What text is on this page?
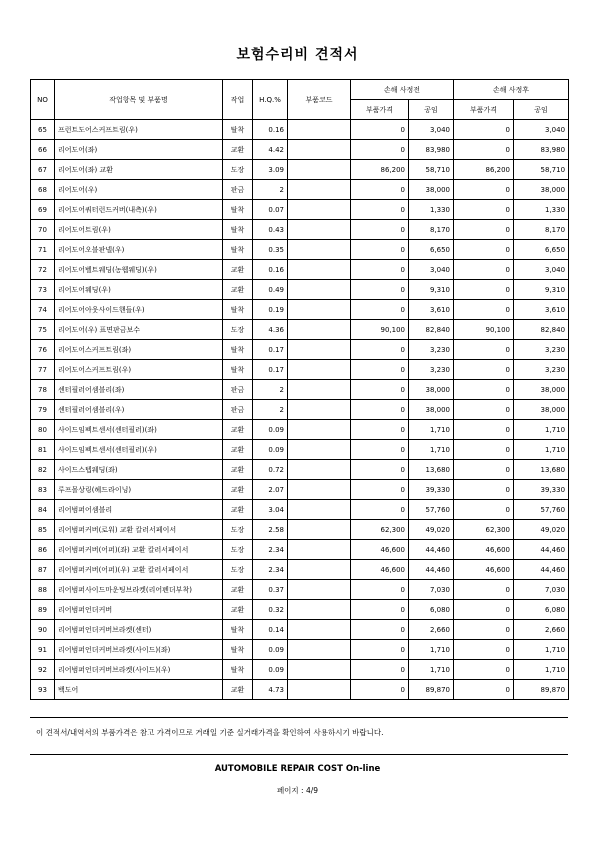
보험수리비 견적서
NO	작업항목 및 부품명	작업	H.Q.%	부품코드	손해 사정전		손해 사정후	
					부품가격	공임	부품가격	공임
65	프런트도어스커프트림(우)	탈착	0.16		0	3,040	0	3,040
66	리어도어(좌)	교환	4.42		0	83,980	0	83,980
67	리어도어(좌) 교환	도장	3.09		86,200	58,710	86,200	58,710
68	리어도어(우)	판금	2		0	38,000	0	38,000
69	리어도어쿼터런드커버(내측)(우)	탈착	0.07		0	1,330	0	1,330
70	리어도어트림(우)	탈착	0.43		0	8,170	0	8,170
71	리어도어오블판넬(우)	탈착	0.35		0	6,650	0	6,650
72	리어도어벨트웨딩(농웹웨딩)(우)	교환	0.16		0	3,040	0	3,040
73	리어도어웨딩(우)	교환	0.49		0	9,310	0	9,310
74	리어도어아웃사이드핸들(우)	탈착	0.19		0	3,610	0	3,610
75	리어도어(우) 표면판금보수	도장	4.36		90,100	82,840	90,100	82,840
76	리어도어스커프트림(좌)	탈착	0.17		0	3,230	0	3,230
77	리어도어스커프트림(우)	탈착	0.17		0	3,230	0	3,230
78	센터필러어셈블리(좌)	판금	2		0	38,000	0	38,000
79	센터필러어셈블리(우)	판금	2		0	38,000	0	38,000
80	사이드임펙트센서(센터필러)(좌)	교환	0.09		0	1,710	0	1,710
81	사이드임펙트센서(센터필러)(우)	교환	0.09		0	1,710	0	1,710
82	사이드스텝웨딩(좌)	교환	0.72		0	13,680	0	13,680
83	루프몰상링(헤드라이닝)	교환	2.07		0	39,330	0	39,330
84	리어범퍼어셈블리	교환	3.04		0	57,760	0	57,760
85	리어범퍼커버(로워) 교환 칼러서페이서	도장	2.58		62,300	49,020	62,300	49,020
86	리어범퍼커버(어퍼)(좌) 교환 칼러서페이서	도장	2.34		46,600	44,460	46,600	44,460
87	리어범퍼커버(어퍼)(우) 교환 칼러서페이서	도장	2.34		46,600	44,460	46,600	44,460
88	리어범퍼사이드마운팅브라켓(리어펜더부착)	교환	0.37		0	7,030	0	7,030
89	리어범퍼언더커버	교환	0.32		0	6,080	0	6,080
90	리어범퍼언더커버브라켓(센터)	탈착	0.14		0	2,660	0	2,660
91	리어범퍼언더커버브라켓(사이드)(좌)	탈착	0.09		0	1,710	0	1,710
92	리어범퍼언더커버브라켓(사이드)(우)	탈착	0.09		0	1,710	0	1,710
93	백도어	교환	4.73		0	89,870	0	89,870
이 견적서/내역서의 부품가격은 참고 가격이므로 거래일 기준 실거래가격을 확인하여 사용하시기 바랍니다.
AUTOMOBILE REPAIR COST On-line
페이지 : 4/9
